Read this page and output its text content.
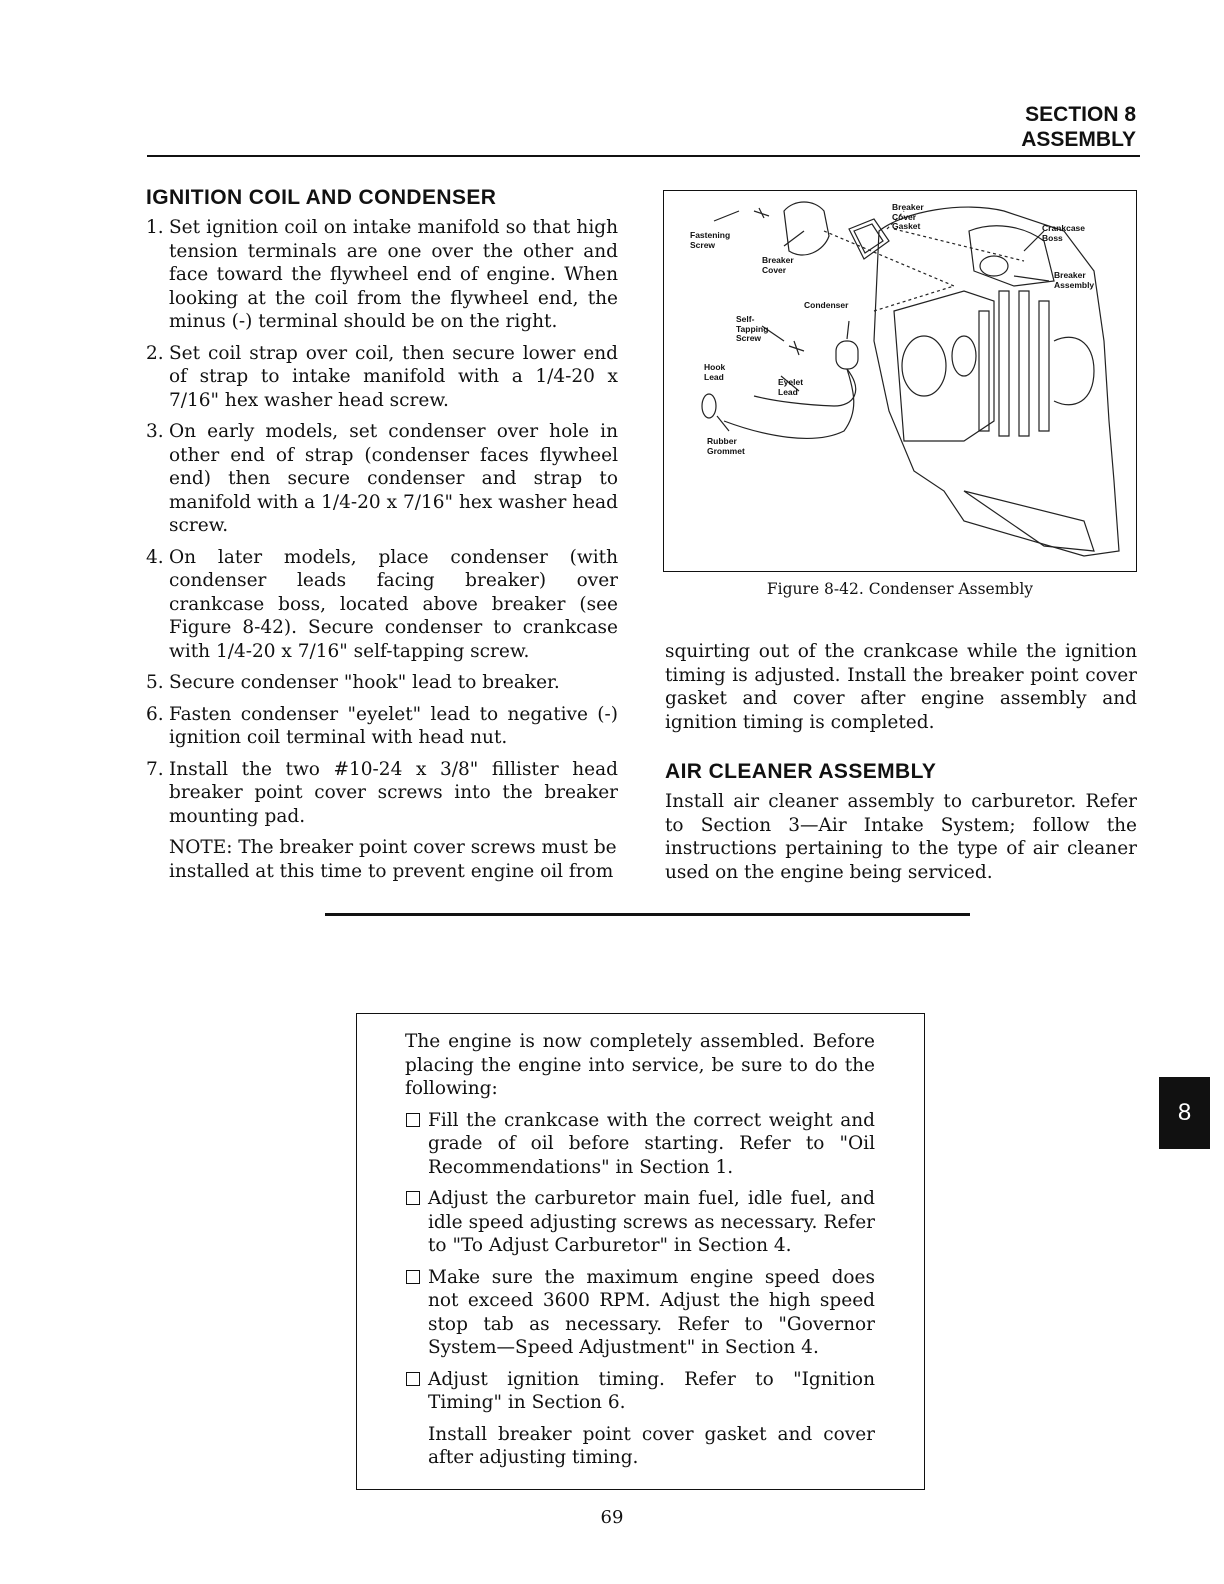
SECTION 8
ASSEMBLY
IGNITION COIL AND CONDENSER
1. Set ignition coil on intake manifold so that high tension terminals are one over the other and face toward the flywheel end of engine. When looking at the coil from the flywheel end, the minus (-) terminal should be on the right.
2. Set coil strap over coil, then secure lower end of strap to intake manifold with a 1/4-20 x 7/16" hex washer head screw.
3. On early models, set condenser over hole in other end of strap (condenser faces flywheel end) then secure condenser and strap to manifold with a 1/4-20 x 7/16" hex washer head screw.
4. On later models, place condenser (with condenser leads facing breaker) over crankcase boss, located above breaker (see Figure 8-42). Secure condenser to crankcase with 1/4-20 x 7/16" self-tapping screw.
5. Secure condenser "hook" lead to breaker.
6. Fasten condenser "eyelet" lead to negative (-) ignition coil terminal with head nut.
7. Install the two #10-24 x 3/8" fillister head breaker point cover screws into the breaker mounting pad.
NOTE: The breaker point cover screws must be installed at this time to prevent engine oil from
Fastening
Screw
Breaker
Cover
Breaker
Cover
Gasket	Crankcase
Boss
Breaker
Assembly
Condenser
Self-
Tapping
Screw
Hook
Lead
Eyelet
Lead
Rubber
Grommet
Figure 8-42. Condenser Assembly
squirting out of the crankcase while the ignition timing is adjusted. Install the breaker point cover gasket and cover after engine assembly and ignition timing is completed.
AIR CLEANER ASSEMBLY
Install air cleaner assembly to carburetor. Refer to Section 3—Air Intake System; follow the instructions pertaining to the type of air cleaner used on the engine being serviced.
The engine is now completely assembled. Before placing the engine into service, be sure to do the following:
Fill the crankcase with the correct weight and grade of oil before starting. Refer to "Oil Recommendations" in Section 1.
Adjust the carburetor main fuel, idle fuel, and idle speed adjusting screws as necessary. Refer to "To Adjust Carburetor" in Section 4.
Make sure the maximum engine speed does not exceed 3600 RPM. Adjust the high speed stop tab as necessary. Refer to "Governor System—Speed Adjustment" in Section 4.
Adjust ignition timing. Refer to "Ignition Timing" in Section 6.
Install breaker point cover gasket and cover after adjusting timing.
8
69
